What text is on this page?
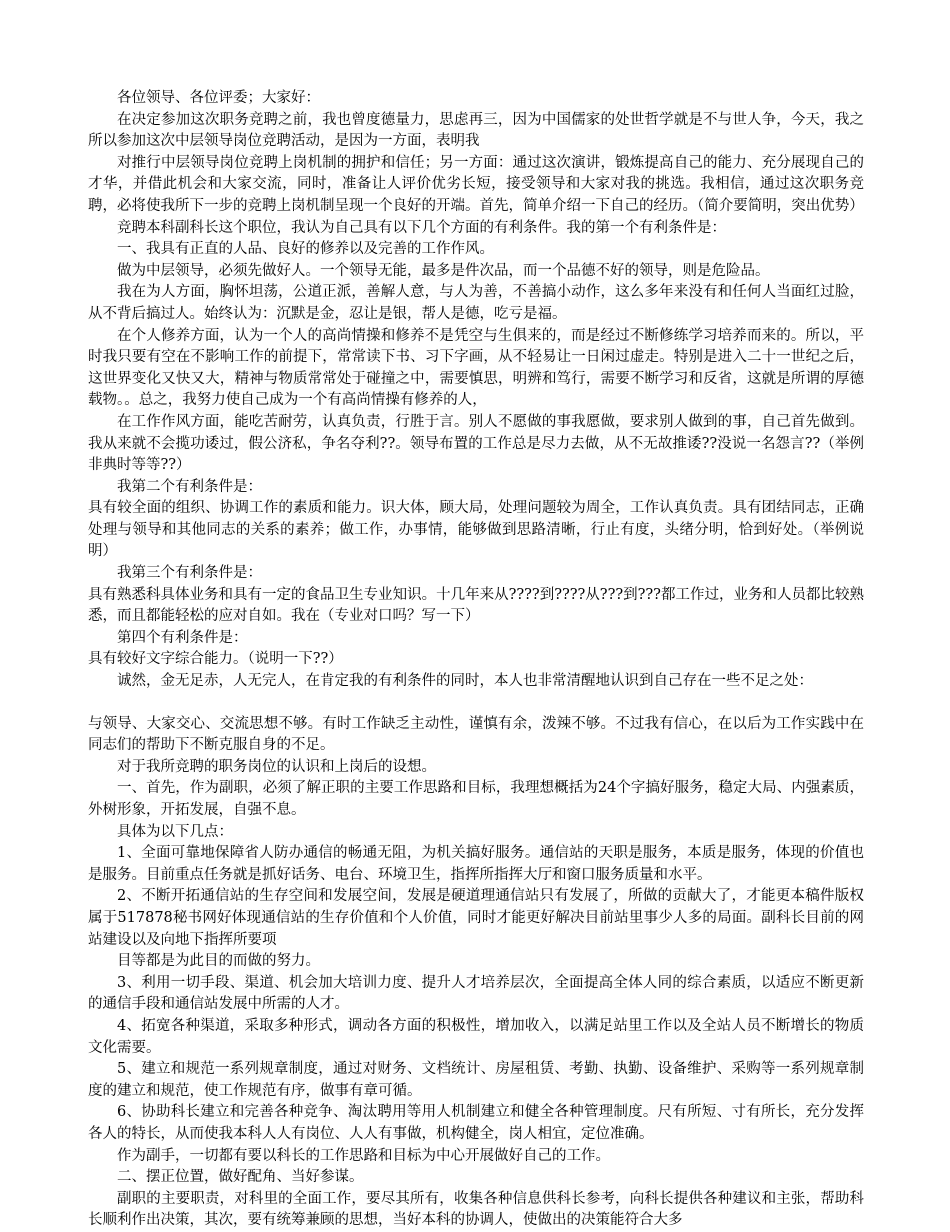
各位领导、各位评委；大家好：

在决定参加这次职务竞聘之前，我也曾度德量力，思虑再三，因为中国儒家的处世哲学就是不与世人争，今天，我之所以参加这次中层领导岗位竞聘活动，是因为一方面，表明我

对推行中层领导岗位竞聘上岗机制的拥护和信任；另一方面：通过这次演讲，锻炼提高自己的能力、充分展现自己的才华，并借此机会和大家交流，同时，准备让人评价优劣长短，接受领导和大家对我的挑选。我相信，通过这次职务竞聘，必将使我所下一步的竞聘上岗机制呈现一个良好的开端。首先，简单介绍一下自己的经历。（简介要简明，突出优势）

竞聘本科副科长这个职位，我认为自己具有以下几个方面的有利条件。我的第一个有利条件是：

一、我具有正直的人品、良好的修养以及完善的工作作风。

做为中层领导，必须先做好人。一个领导无能，最多是件次品，而一个品德不好的领导，则是危险品。

我在为人方面，胸怀坦荡，公道正派，善解人意，与人为善，不善搞小动作，这么多年来没有和任何人当面红过脸，从不背后搞过人。始终认为：沉默是金，忍让是银，帮人是德，吃亏是福。

在个人修养方面，认为一个人的高尚情操和修养不是凭空与生俱来的，而是经过不断修练学习培养而来的。所以，平时我只要有空在不影响工作的前提下，常常读下书、习下字画，从不轻易让一日闲过虚走。特别是进入二十一世纪之后，这世界变化又快又大，精神与物质常常处于碰撞之中，需要慎思，明辨和笃行，需要不断学习和反省，这就是所谓的厚德载物。。总之，我努力使自己成为一个有高尚情操有修养的人，

在工作作风方面，能吃苦耐劳，认真负责，行胜于言。别人不愿做的事我愿做，要求别人做到的事，自己首先做到。我从来就不会揽功诿过，假公济私，争名夺利??。领导布置的工作总是尽力去做，从不无故推诿??没说一名怨言??（举例非典时等等??）

我第二个有利条件是：

具有较全面的组织、协调工作的素质和能力。识大体，顾大局，处理问题较为周全，工作认真负责。具有团结同志，正确处理与领导和其他同志的关系的素养；做工作，办事情，能够做到思路清晰，行止有度，头绪分明，恰到好处。（举例说明）

我第三个有利条件是：

具有熟悉科具体业务和具有一定的食品卫生专业知识。十几年来从????到????从???到???都工作过，业务和人员都比较熟悉，而且都能轻松的应对自如。我在（专业对口吗？写一下）

第四个有利条件是：

具有较好文字综合能力。（说明一下??）

诚然，金无足赤，人无完人，在肯定我的有利条件的同时，本人也非常清醒地认识到自己存在一些不足之处：

与领导、大家交心、交流思想不够。有时工作缺乏主动性，谨慎有余，泼辣不够。不过我有信心，在以后为工作实践中在同志们的帮助下不断克服自身的不足。

对于我所竞聘的职务岗位的认识和上岗后的设想。

一、首先，作为副职，必须了解正职的主要工作思路和目标，我理想概括为24个字搞好服务，稳定大局、内强素质，外树形象，开拓发展，自强不息。

具体为以下几点：

1、全面可靠地保障省人防办通信的畅通无阻，为机关搞好服务。通信站的天职是服务，本质是服务，体现的价值也是服务。目前重点任务就是抓好话务、电台、环境卫生，指挥所指挥大厅和窗口服务质量和水平。

2、不断开拓通信站的生存空间和发展空间，发展是硬道理通信站只有发展了，所做的贡献大了，才能更本稿件版权属于517878秘书网好体现通信站的生存价值和个人价值，同时才能更好解决目前站里事少人多的局面。副科长目前的网站建设以及向地下指挥所要项

目等都是为此目的而做的努力。

3、利用一切手段、渠道、机会加大培训力度、提升人才培养层次，全面提高全体人同的综合素质，以适应不断更新的通信手段和通信站发展中所需的人才。

4、拓宽各种渠道，采取多种形式，调动各方面的积极性，增加收入，以满足站里工作以及全站人员不断增长的物质文化需要。

5、建立和规范一系列规章制度，通过对财务、文档统计、房屋租赁、考勤、执勤、设备维护、采购等一系列规章制度的建立和规范，使工作规范有序，做事有章可循。

6、协助科长建立和完善各种竞争、淘汰聘用等用人机制建立和健全各种管理制度。尺有所短、寸有所长，充分发挥各人的特长，从而使我本科人人有岗位、人人有事做，机构健全，岗人相宜，定位准确。

作为副手，一切都有要以科长的工作思路和目标为中心开展做好自己的工作。

二、摆正位置，做好配角、当好参谋。

副职的主要职责，对科里的全面工作，要尽其所有，收集各种信息供科长参考，向科长提供各种建议和主张，帮助科长顺利作出决策，其次，要有统筹兼顾的思想，当好本科的协调人，使做出的决策能符合大多
